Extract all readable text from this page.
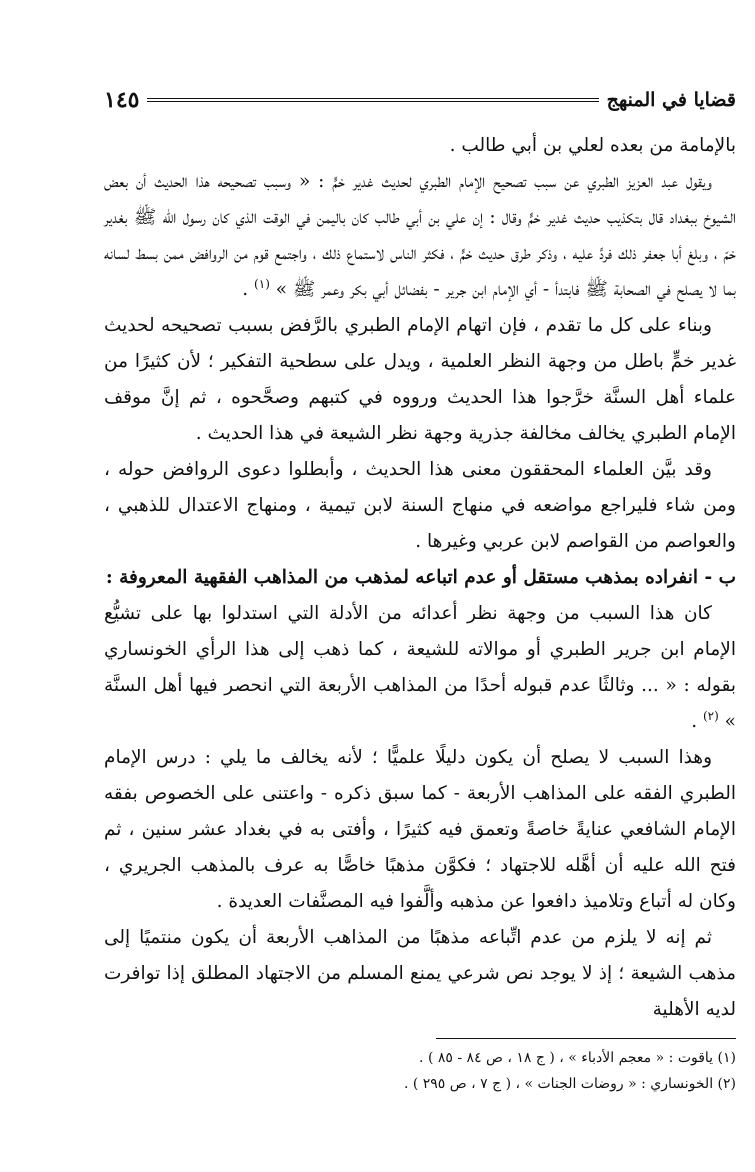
قضايا في المنهج
١٤٥

بالإمامة من بعده لعلي بن أبي طالب .

ويقول عبد العزيز الطبري عن سبب تصحيح الإمام الطبري لحديث غدير خمٍّ : « وسبب تصحيحه هذا الحديث أن بعض الشيوخ ببغداد قال بتكذيب حديث غدير خمٍّ وقال : إن علي بن أبي طالب كان باليمن في الوقت الذي كان رسول الله ﷺ بغدير خمّ ، وبلغ أبا جعفر ذلك فردَّ عليه ، وذكر طرق حديث خمٍّ ، فكثر الناس لاستماع ذلك ، واجتمع قوم من الروافض ممن بسط لسانه بما لا يصلح في الصحابة ﷺ فابتدأ - أي الإمام ابن جرير - بفضائل أبي بكر وعمر ﷺ » $^{(١)}$ .

وبناء على كل ما تقدم ، فإن اتهام الإمام الطبري بالرَّفض بسبب تصحيحه لحديث غدير خمٍّ باطل من وجهة النظر العلمية ، ويدل على سطحية التفكير ؛ لأن كثيرًا من علماء أهل السنَّة خرَّجوا هذا الحديث ورووه في كتبهم وصحَّحوه ، ثم إنَّ موقف الإمام الطبري يخالف مخالفة جذرية وجهة نظر الشيعة في هذا الحديث .

وقد بيَّن العلماء المحققون معنى هذا الحديث ، وأبطلوا دعوى الروافض حوله ، ومن شاء فليراجع مواضعه في منهاج السنة لابن تيمية ، ومنهاج الاعتدال للذهبي ، والعواصم من القواصم لابن عربي وغيرها .

ب - انفراده بمذهب مستقل أو عدم اتباعه لمذهب من المذاهب الفقهية المعروفة :

كان هذا السبب من وجهة نظر أعدائه من الأدلة التي استدلوا بها على تشيُّع الإمام ابن جرير الطبري أو موالاته للشيعة ، كما ذهب إلى هذا الرأي الخونساري بقوله : « ... وثالثًا عدم قبوله أحدًا من المذاهب الأربعة التي انحصر فيها أهل السنَّة » $^{(٢)}$ .

وهذا السبب لا يصلح أن يكون دليلًا علميًّا ؛ لأنه يخالف ما يلي : درس الإمام الطبري الفقه على المذاهب الأربعة - كما سبق ذكره - واعتنى على الخصوص بفقه الإمام الشافعي عنايةً خاصةً وتعمق فيه كثيرًا ، وأفتى به في بغداد عشر سنين ، ثم فتح الله عليه أن أهَّله للاجتهاد ؛ فكوَّن مذهبًا خاصًّا به عرف بالمذهب الجريري ، وكان له أتباع وتلاميذ دافعوا عن مذهبه وألَّفوا فيه المصنَّفات العديدة .

ثم إنه لا يلزم من عدم اتِّباعه مذهبًا من المذاهب الأربعة أن يكون منتميًا إلى مذهب الشيعة ؛ إذ لا يوجد نص شرعي يمنع المسلم من الاجتهاد المطلق إذا توافرت لديه الأهلية

(١) ياقوت : « معجم الأدباء » ، ( ج ١٨ ، ص ٨٤ - ٨٥ ) .
(٢) الخونساري : « روضات الجنات » ، ( ج ٧ ، ص ٢٩٥ ) .
